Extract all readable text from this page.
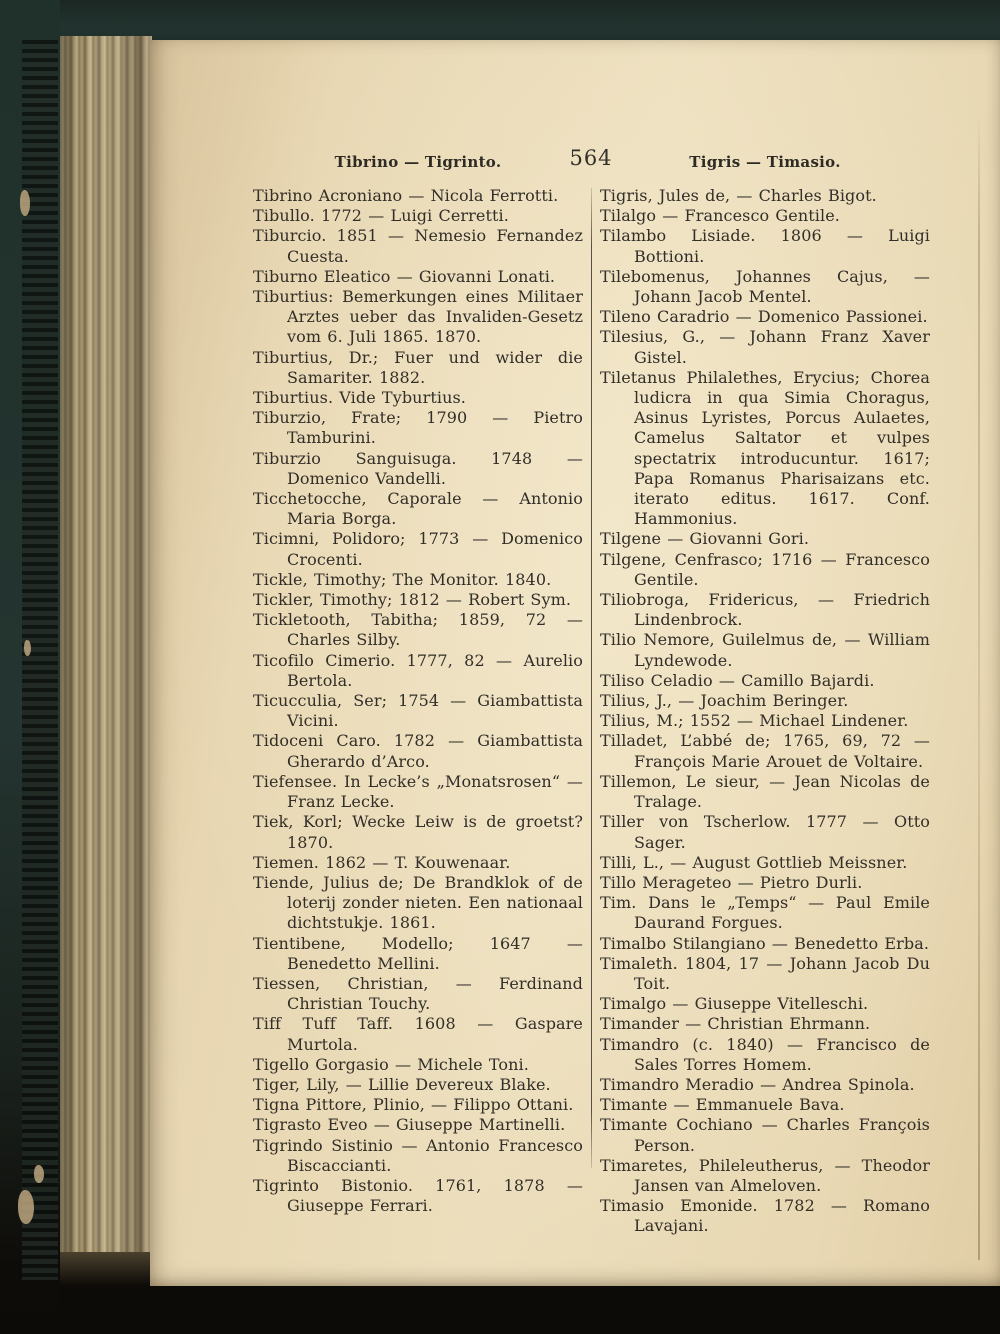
Tibrino — Tigrinto.	564	Tigris — Timasio.

Tibrino Acroniano — Nicola Ferrotti.

Tibullo. 1772 — Luigi Cerretti.

Tiburcio. 1851 — Nemesio Fernandez Cuesta.

Tiburno Eleatico — Giovanni Lonati.

Tiburtius: Bemerkungen eines Militaer Arztes ueber das Invaliden-Gesetz vom 6. Juli 1865. 1870.

Tiburtius, Dr.; Fuer und wider die Samariter. 1882.

Tiburtius. Vide Tyburtius.

Tiburzio, Frate; 1790 — Pietro Tamburini.

Tiburzio Sanguisuga. 1748 — Domenico Vandelli.

Ticchetocche, Caporale — Antonio Maria Borga.

Ticimni, Polidoro; 1773 — Domenico Crocenti.

Tickle, Timothy; The Monitor. 1840.

Tickler, Timothy; 1812 — Robert Sym.

Tickletooth, Tabitha; 1859, 72 — Charles Silby.

Ticofilo Cimerio. 1777, 82 — Aurelio Bertola.

Ticucculia, Ser; 1754 — Giambattista Vicini.

Tidoceni Caro. 1782 — Giambattista Gherardo d’Arco.

Tiefensee. In Lecke’s „Monatsrosen“ — Franz Lecke.

Tiek, Korl; Wecke Leiw is de groetst? 1870.

Tiemen. 1862 — T. Kouwenaar.

Tiende, Julius de; De Brandklok of de loterij zonder nieten. Een nationaal dichtstukje. 1861.

Tientibene, Modello; 1647 — Benedetto Mellini.

Tiessen, Christian, — Ferdinand Christian Touchy.

Tiff Tuff Taff. 1608 — Gaspare Murtola.

Tigello Gorgasio — Michele Toni.

Tiger, Lily, — Lillie Devereux Blake.

Tigna Pittore, Plinio, — Filippo Ottani.

Tigrasto Eveo — Giuseppe Martinelli.

Tigrindo Sistinio — Antonio Francesco Biscaccianti.

Tigrinto Bistonio. 1761, 1878 — Giuseppe Ferrari.

Tigris, Jules de, — Charles Bigot.

Tilalgo — Francesco Gentile.

Tilambo Lisiade. 1806 — Luigi Bottioni.

Tilebomenus, Johannes Cajus, — Johann Jacob Mentel.

Tileno Caradrio — Domenico Passionei.

Tilesius, G., — Johann Franz Xaver Gistel.

Tiletanus Philalethes, Erycius; Chorea ludicra in qua Simia Choragus, Asinus Lyristes, Porcus Aulaetes, Camelus Saltator et vulpes spectatrix introducuntur. 1617; Papa Romanus Pharisaizans etc. iterato editus. 1617. Conf. Hammonius.

Tilgene — Giovanni Gori.

Tilgene, Cenfrasco; 1716 — Francesco Gentile.

Tiliobroga, Fridericus, — Friedrich Lindenbrock.

Tilio Nemore, Guilelmus de, — William Lyndewode.

Tiliso Celadio — Camillo Bajardi.

Tilius, J., — Joachim Beringer.

Tilius, M.; 1552 — Michael Lindener.

Tilladet, L’abbé de; 1765, 69, 72 — François Marie Arouet de Voltaire.

Tillemon, Le sieur, — Jean Nicolas de Tralage.

Tiller von Tscherlow. 1777 — Otto Sager.

Tilli, L., — August Gottlieb Meissner.

Tillo Merageteo — Pietro Durli.

Tim. Dans le „Temps“ — Paul Emile Daurand Forgues.

Timalbo Stilangiano — Benedetto Erba.

Timaleth. 1804, 17 — Johann Jacob Du Toit.

Timalgo — Giuseppe Vitelleschi.

Timander — Christian Ehrmann.

Timandro (c. 1840) — Francisco de Sales Torres Homem.

Timandro Meradio — Andrea Spinola.

Timante — Emmanuele Bava.

Timante Cochiano — Charles François Person.

Timaretes, Phileleutherus, — Theodor Jansen van Almeloven.

Timasio Emonide. 1782 — Romano Lavajani.
